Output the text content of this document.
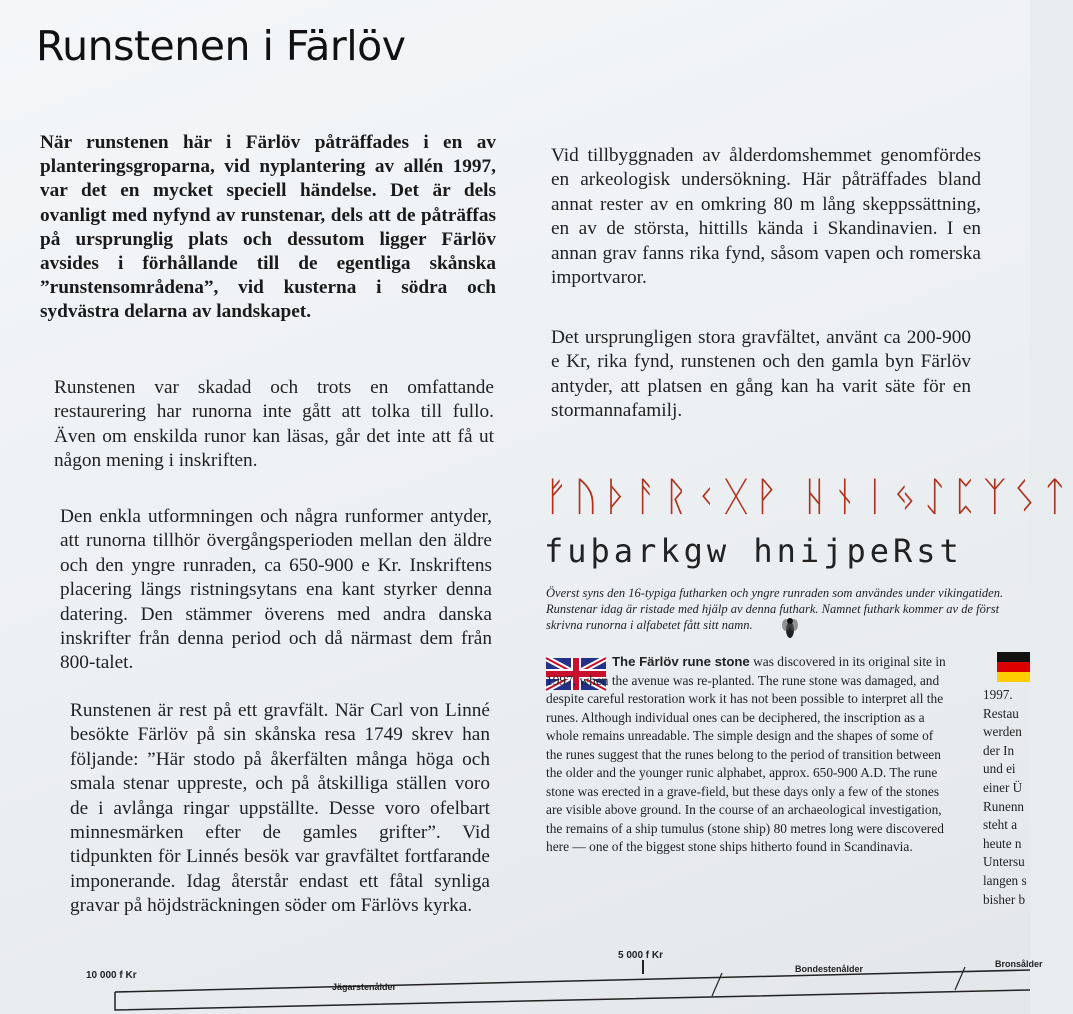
Runstenen i Färlöv
När runstenen här i Färlöv påträffades i en av planteringsgroparna, vid nyplantering av allén 1997, var det en mycket speciell händelse. Det är dels ovanligt med nyfynd av runstenar, dels att de påträffas på ursprunglig plats och dessutom ligger Färlöv avsides i förhållande till de egentliga skånska ”runstensområdena”, vid kusterna i södra och sydvästra delarna av landskapet.
Runstenen var skadad och trots en omfattande restaurering har runorna inte gått att tolka till fullo. Även om enskilda runor kan läsas, går det inte att få ut någon mening i inskriften.
Den enkla utformningen och några runformer antyder, att runorna tillhör övergångsperioden mellan den äldre och den yngre runraden, ca 650-900 e Kr. Inskriftens placering längs ristningsytans ena kant styrker denna datering. Den stämmer överens med andra danska inskrifter från denna period och då närmast dem från 800-talet.
Runstenen är rest på ett gravfält. När Carl von Linné besökte Färlöv på sin skånska resa 1749 skrev han följande: ”Här stodo på åkerfälten många höga och smala stenar uppreste, och på åtskilliga ställen voro de i avlånga ringar uppställte. Desse voro ofelbart minnesmärken efter de gamles grifter”. Vid tidpunkten för Linnés besök var gravfältet fortfarande imponerande. Idag återstår endast ett fåtal synliga gravar på höjdsträckningen söder om Färlövs kyrka.
Vid tillbyggnaden av ålderdomshemmet genomfördes en arkeologisk undersökning. Här påträffades bland annat rester av en omkring 80 m lång skeppssättning, en av de största, hittills kända i Skandinavien. I en annan grav fanns rika fynd, såsom vapen och romerska importvaror.
Det ursprungligen stora gravfältet, använt ca 200-900 e Kr, rika fynd, runstenen och den gamla byn Färlöv antyder, att platsen en gång kan ha varit säte för en stormannafamilj.
ᚠᚢᚦᚨᚱᚲᚷᚹ ᚺᚾᛁᛃᛇᛈᛉᛊᛏ
fuþarkgw hnijpeRst
Överst syns den 16-typiga futharken och yngre runraden som användes under vikingatiden. Runstenar idag är ristade med hjälp av denna futhark. Namnet futhark kommer av de först skrivna runorna i alfabetet fått sitt namn.
The Färlöv rune stone was discovered in its original site in 1997, when the avenue was re-planted. The rune stone was damaged, and despite careful restoration work it has not been possible to interpret all the runes. Although individual ones can be deciphered, the inscription as a whole remains unreadable. The simple design and the shapes of some of the runes suggest that the runes belong to the period of transition between the older and the younger runic alphabet, approx. 650-900 A.D. The rune stone was erected in a grave-field, but these days only a few of the stones are visible above ground. In the course of an archaeological investigation, the remains of a ship tumulus (stone ship) 80 metres long were discovered here — one of the biggest stone ships hitherto found in Scandinavia.
1997.
Restau
werden
der In
und ei
einer Ü
Runenn
steht a
heute n
Untersu
langen s
bisher b
10 000 f Kr
5 000 f Kr
Jägarstenålder
Bondestenålder	Bronsålder
